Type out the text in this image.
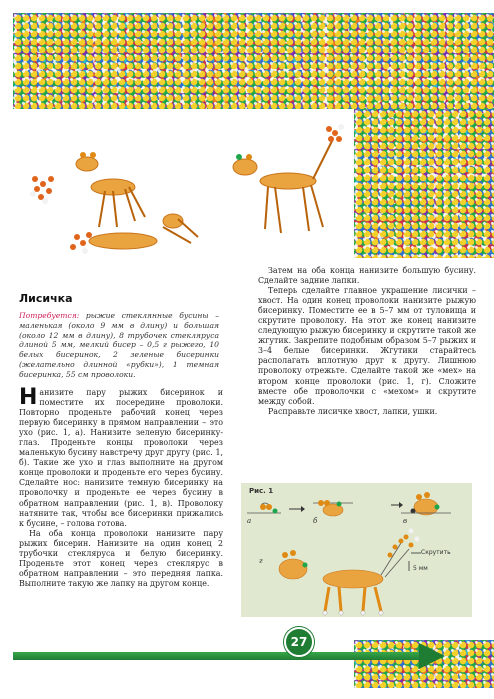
Лисичка

Потребуется: рыжие стеклянные бусины – маленькая (около 9 мм в длину) и большая (около 12 мм в длину), 8 трубочек стекляруса длиной 5 мм, мелкий бисер – 0,5 г рыжего, 10 белых бисеринок, 2 зеленые бисеринки (желательно длинной «рубки»), 1 темная бисеринка, 55 см проволоки.

Нанизите пару рыжих бисеринок и поместите их посередине проволоки. Повторно проденьте рабочий конец через первую бисеринку в прямом направлении – это ухо (рис. 1, а). Нанизите зеленую бисеринку-глаз. Проденьте концы проволоки через маленькую бусину навстречу друг другу (рис. 1, б). Такие же ухо и глаз выполните на другом конце проволоки и проденьте его через бусину. Сделайте нос: нанизите темную бисеринку на проволочку и проденьте ее через бусину в обратном направлении (рис. 1, в). Проволоку натяните так, чтобы все бисеринки прижались к бусине, – голова готова.

На оба конца проволоки нанизите пару рыжих бисерин. Нанизите на один конец 2 трубочки стекляруса и белую бисеринку. Проденьте этот конец через стеклярус в обратном направлении – это передняя лапка. Выполните такую же лапку на другом конце.

Затем на оба конца нанизите большую бусину. Сделайте задние лапки.

Теперь сделайте главное украшение лисички – хвост. На один конец проволоки нанизите рыжую бисеринку. Поместите ее в 5–7 мм от туловища и скрутите проволоку. На этот же конец нанизите следующую рыжую бисеринку и скрутите такой же жгутик. Закрепите подобным образом 5–7 рыжих и 3–4 белые бисеринки. Жгутики старайтесь располагать вплотную друг к другу. Лишнюю проволоку отрежьте. Сделайте такой же «мех» на втором конце проволоки (рис. 1, г). Сложите вместе обе проволочки с «мехом» и скрутите между собой.

Расправьте лисичке хвост, лапки, ушки.

Рис. 1
а	б	в
г
Скрутить
5 мм
27
